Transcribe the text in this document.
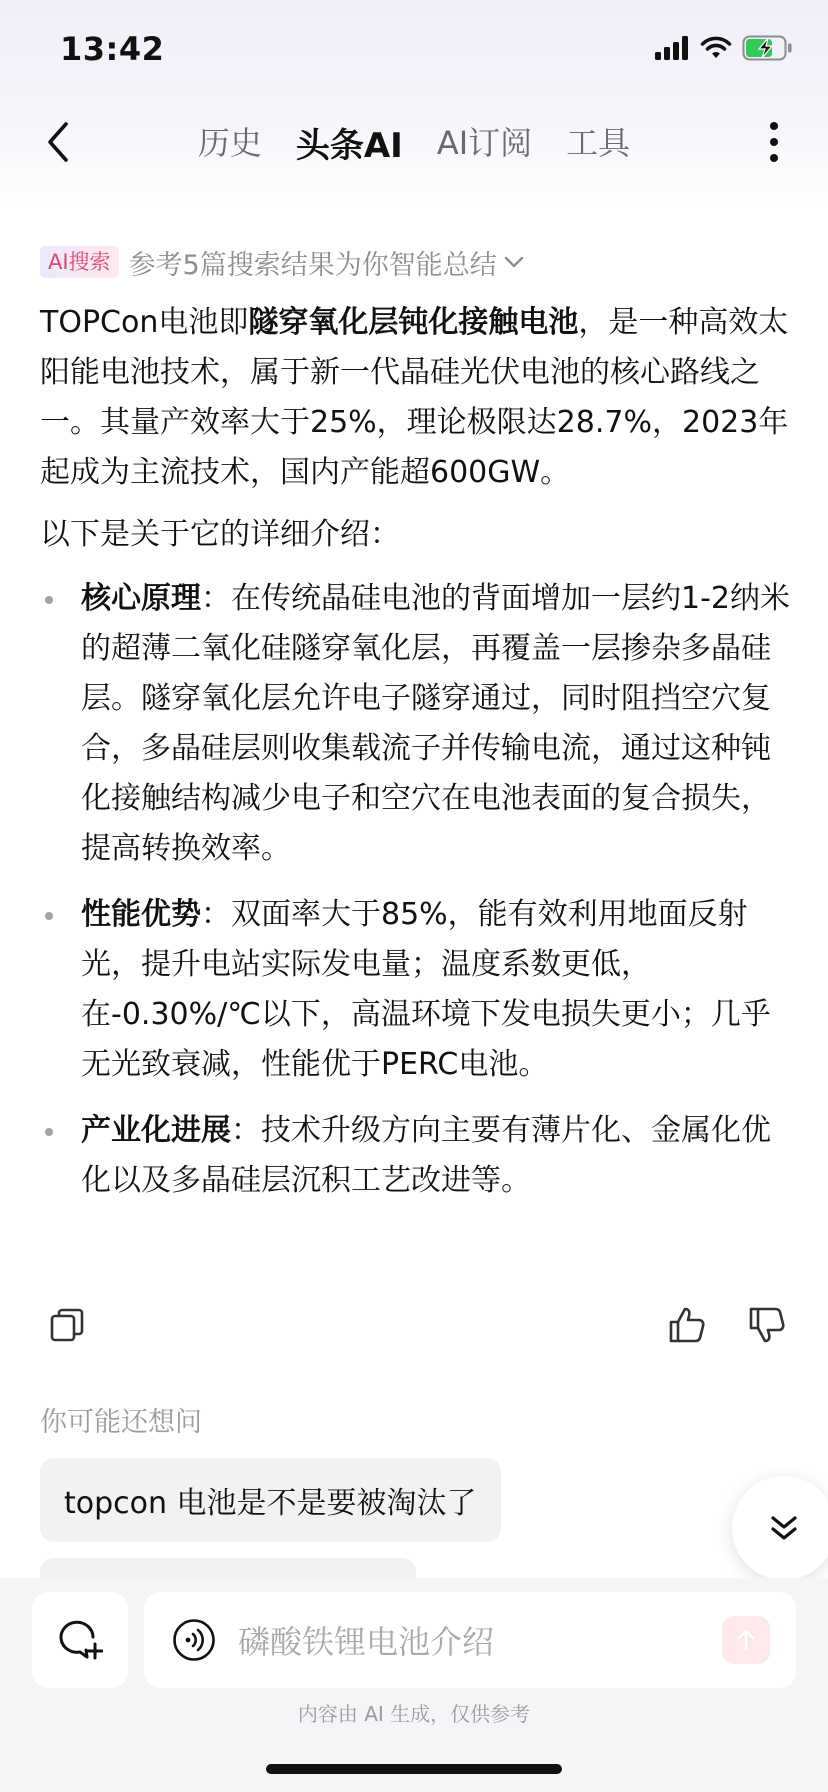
13:42
历史 头条AI AI订阅 工具
AI搜索 参考5篇搜索结果为你智能总结

TOPCon电池即隧穿氧化层钝化接触电池，是一种高效太阳能电池技术，属于新一代晶硅光伏电池的核心路线之一。其量产效率大于25%，理论极限达28.7%，2023年起成为主流技术，国内产能超600GW。

以下是关于它的详细介绍：

核心原理：在传统晶硅电池的背面增加一层约1-2纳米的超薄二氧化硅隧穿氧化层，再覆盖一层掺杂多晶硅层。隧穿氧化层允许电子隧穿通过，同时阻挡空穴复合，多晶硅层则收集载流子并传输电流，通过这种钝化接触结构减少电子和空穴在电池表面的复合损失，提高转换效率。
性能优势：双面率大于85%，能有效利用地面反射光，提升电站实际发电量；温度系数更低，在-0.30%/℃以下，高温环境下发电损失更小；几乎无光致衰减，性能优于PERC电池。
产业化进展：技术升级方向主要有薄片化、金属化优化以及多晶硅层沉积工艺改进等。
你可能还想问
topcon 电池是不是要被淘汰了
磷酸铁锂电池介绍
内容由 AI 生成，仅供参考
